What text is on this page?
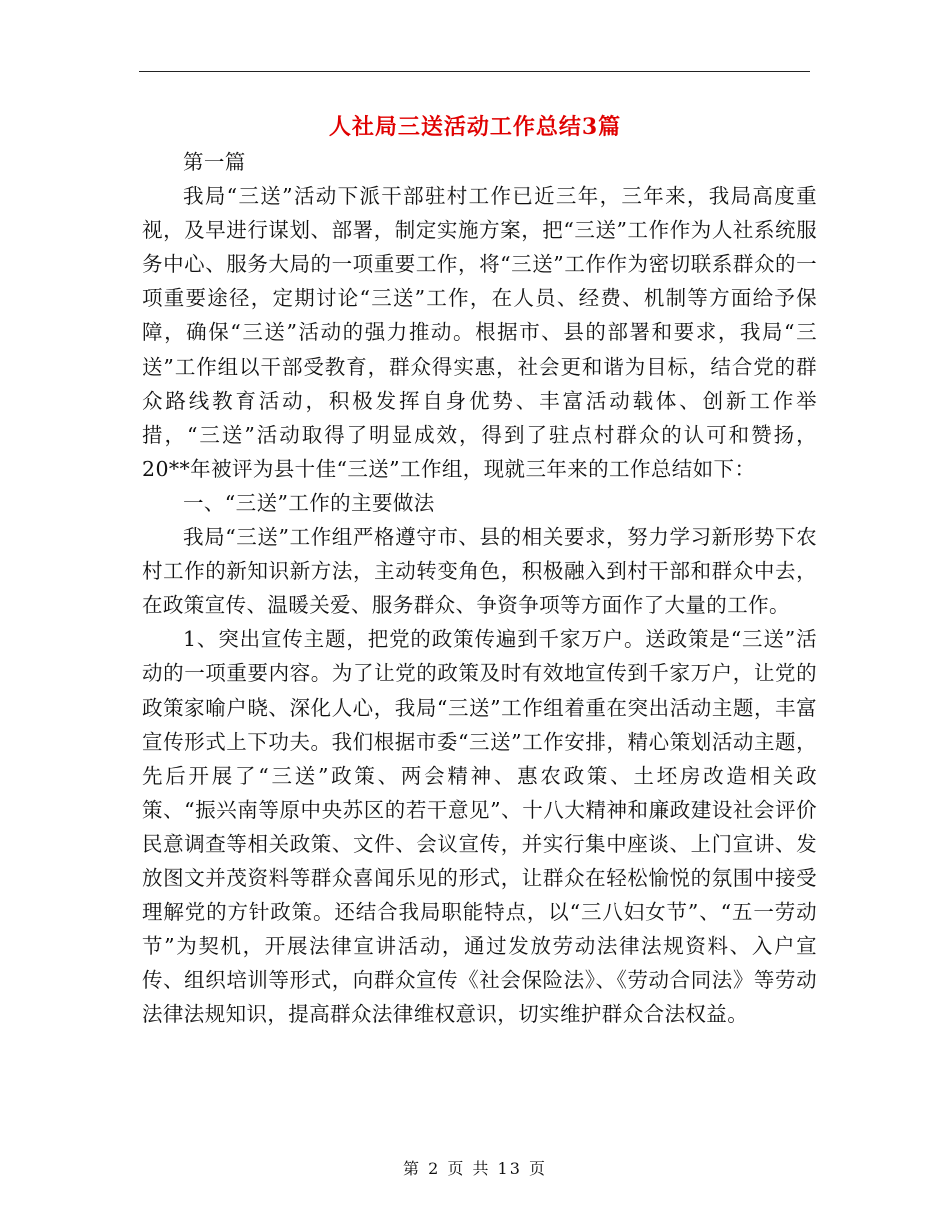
人社局三送活动工作总结3篇

第一篇

我局“三送”活动下派干部驻村工作已近三年，三年来，我局高度重视，及早进行谋划、部署，制定实施方案，把“三送”工作作为人社系统服务中心、服务大局的一项重要工作，将“三送”工作作为密切联系群众的一项重要途径，定期讨论“三送”工作，在人员、经费、机制等方面给予保障，确保“三送”活动的强力推动。根据市、县的部署和要求，我局“三送”工作组以干部受教育，群众得实惠，社会更和谐为目标，结合党的群众路线教育活动，积极发挥自身优势、丰富活动载体、创新工作举措，“三送”活动取得了明显成效，得到了驻点村群众的认可和赞扬，20**年被评为县十佳“三送”工作组，现就三年来的工作总结如下：

一、“三送”工作的主要做法

我局“三送”工作组严格遵守市、县的相关要求，努力学习新形势下农村工作的新知识新方法，主动转变角色，积极融入到村干部和群众中去，在政策宣传、温暖关爱、服务群众、争资争项等方面作了大量的工作。

1、突出宣传主题，把党的政策传遍到千家万户。送政策是“三送”活动的一项重要内容。为了让党的政策及时有效地宣传到千家万户，让党的政策家喻户晓、深化人心，我局“三送”工作组着重在突出活动主题，丰富宣传形式上下功夫。我们根据市委“三送”工作安排，精心策划活动主题，先后开展了“三送”政策、两会精神、惠农政策、土坯房改造相关政策、“振兴南等原中央苏区的若干意见”、十八大精神和廉政建设社会评价民意调查等相关政策、文件、会议宣传，并实行集中座谈、上门宣讲、发放图文并茂资料等群众喜闻乐见的形式，让群众在轻松愉悦的氛围中接受理解党的方针政策。还结合我局职能特点，以“三八妇女节”、“五一劳动节”为契机，开展法律宣讲活动，通过发放劳动法律法规资料、入户宣传、组织培训等形式，向群众宣传《社会保险法》、《劳动合同法》等劳动法律法规知识，提高群众法律维权意识，切实维护群众合法权益。

第 2 页 共 13 页
